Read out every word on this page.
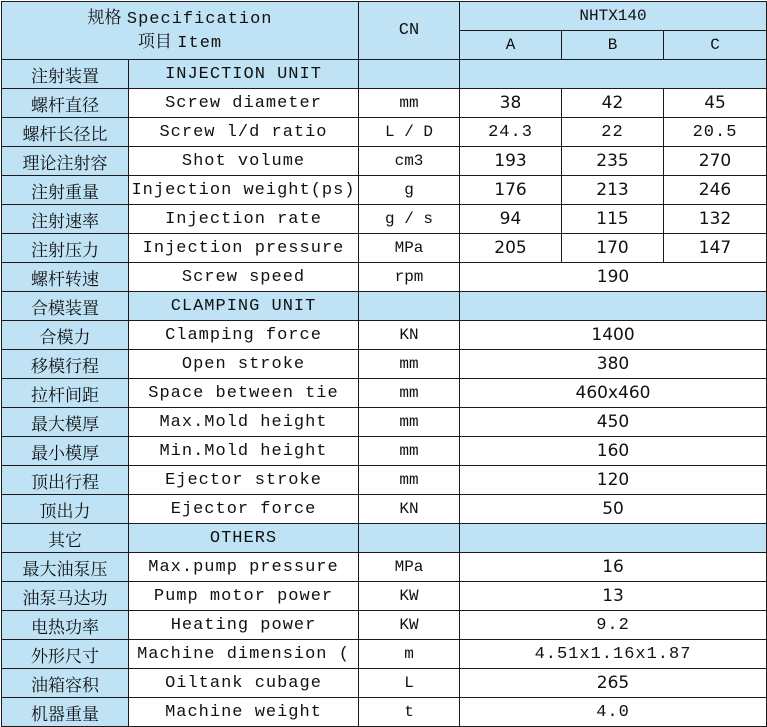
规格 Specification
项目 Item		CN	NHTX140		
			A	B	C
注射装置	INJECTION UNIT				
螺杆直径	Screw diameter	mm	38	42	45
螺杆长径比	Screw l/d ratio	L / D	24.3	22	20.5
理论注射容	Shot volume	cm3	193	235	270
注射重量	Injection weight(ps)	g	176	213	246
注射速率	Injection rate	g / s	94	115	132
注射压力	Injection pressure	MPa	205	170	147
螺杆转速	Screw speed	rpm	190		
合模装置	CLAMPING UNIT				
合模力	Clamping force	KN	1400		
移模行程	Open stroke	mm	380		
拉杆间距	Space between tie	mm	460x460		
最大模厚	Max.Mold height	mm	450		
最小模厚	Min.Mold height	mm	160		
顶出行程	Ejector stroke	mm	120		
顶出力	Ejector force	KN	50		
其它	OTHERS				
最大油泵压	Max.pump pressure	MPa	16		
油泵马达功	Pump motor power	KW	13		
电热功率	Heating power	KW	9.2		
外形尺寸	Machine dimension (	m	4.51x1.16x1.87		
油箱容积	Oiltank cubage	L	265		
机器重量	Machine weight	t	4.0		
